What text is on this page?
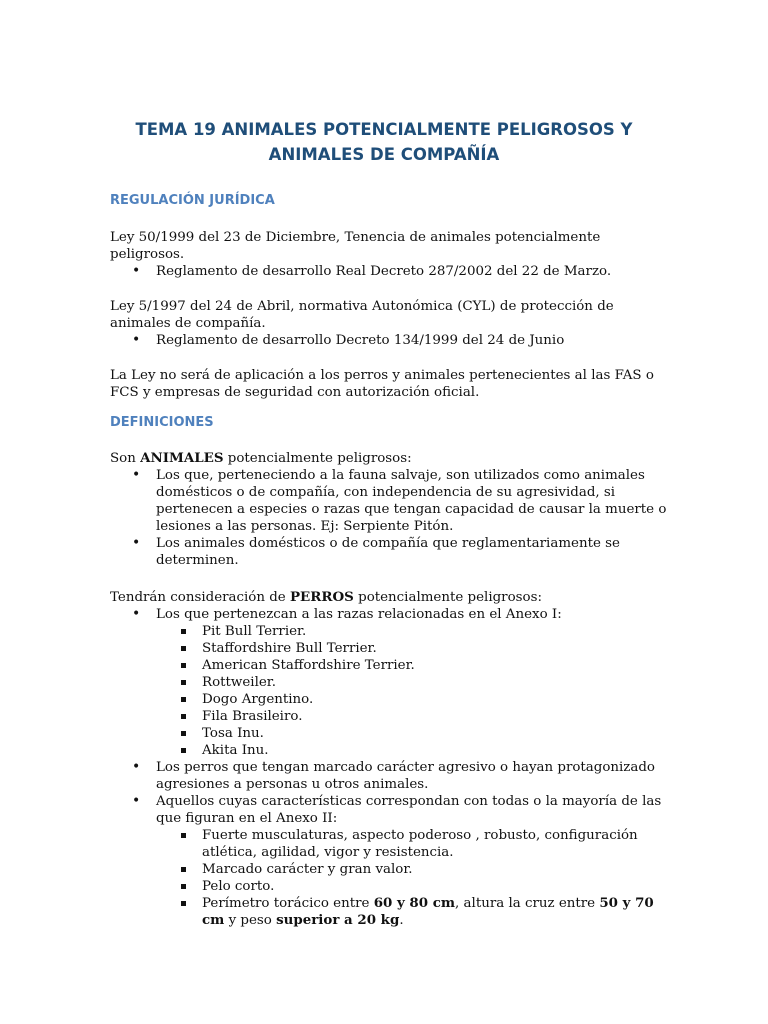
TEMA 19 ANIMALES POTENCIALMENTE PELIGROSOS Y
ANIMALES DE COMPAÑÍA
REGULACIÓN JURÍDICA

Ley 50/1999 del 23 de Diciembre, Tenencia de animales potencialmente peligrosos.

• Reglamento de desarrollo Real Decreto 287/2002 del 22 de Marzo.

Ley 5/1997 del 24 de Abril, normativa Autonómica (CYL) de protección de animales de compañía.

• Reglamento de desarrollo Decreto 134/1999 del 24 de Junio

La Ley no será de aplicación a los perros y animales pertenecientes al las FAS o FCS y empresas de seguridad con autorización oficial.

DEFINICIONES

Son ANIMALES potencialmente peligrosos:

• Los que, perteneciendo a la fauna salvaje, son utilizados como animales domésticos o de compañía, con independencia de su agresividad, si pertenecen a especies o razas que tengan capacidad de causar la muerte o lesiones a las personas. Ej: Serpiente Pitón.
• Los animales domésticos o de compañía que reglamentariamente se determinen.

Tendrán consideración de PERROS potencialmente peligrosos:

• Los que pertenezcan a las razas relacionadas en el Anexo I:
Pit Bull Terrier.
Staffordshire Bull Terrier.
American Staffordshire Terrier.
Rottweiler.
Dogo Argentino.
Fila Brasileiro.
Tosa Inu.
Akita Inu.
• Los perros que tengan marcado carácter agresivo o hayan protagonizado agresiones a personas u otros animales.
• Aquellos cuyas características correspondan con todas o la mayoría de las que figuran en el Anexo II:
Fuerte musculaturas, aspecto poderoso , robusto, configuración atlética, agilidad, vigor y resistencia.
Marcado carácter y gran valor.
Pelo corto.
Perímetro torácico entre 60 y 80 cm, altura la cruz entre 50 y 70 cm y peso superior a 20 kg.
